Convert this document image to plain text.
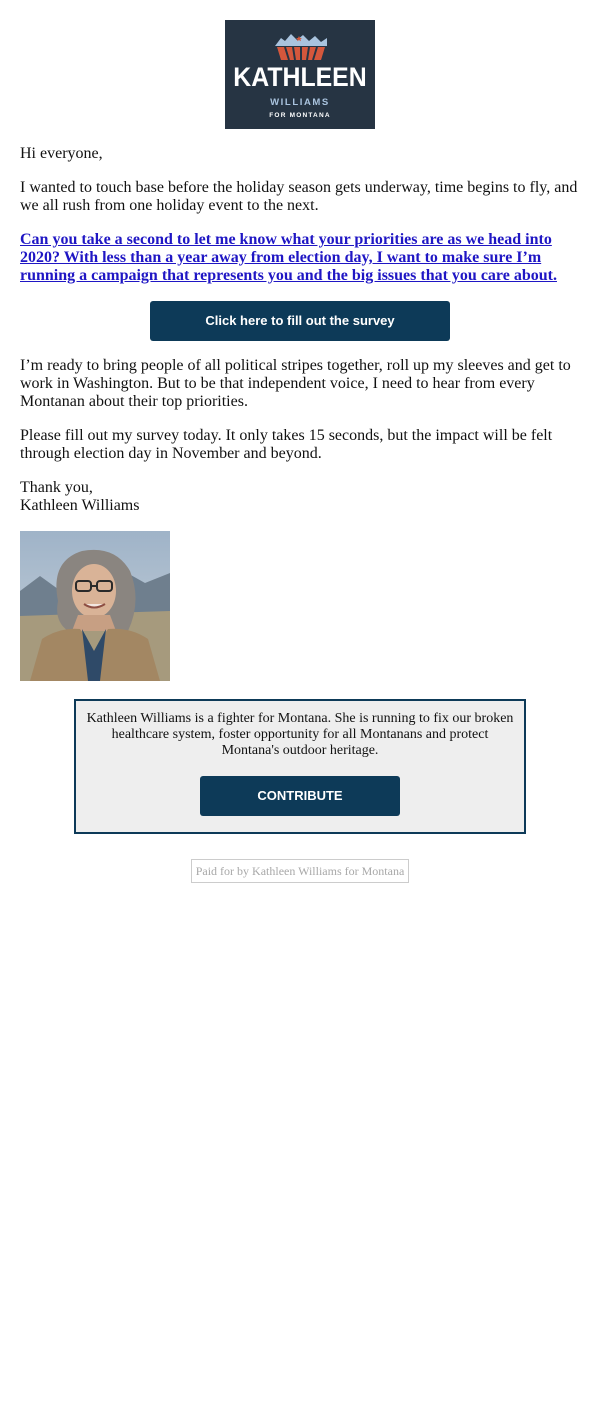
KATHLEEN
WILLIAMS
FOR MONTANA

Hi everyone,

I wanted to touch base before the holiday season gets underway, time begins to fly, and we all rush from one holiday event to the next.

Can you take a second to let me know what your priorities are as we head into 2020? With less than a year away from election day, I want to make sure I’m running a campaign that represents you and the big issues that you care about.

Click here to fill out the survey

I’m ready to bring people of all political stripes together, roll up my sleeves and get to work in Washington. But to be that independent voice, I need to hear from every Montanan about their top priorities.

Please fill out my survey today. It only takes 15 seconds, but the impact will be felt through election day in November and beyond.

Thank you,
Kathleen Williams

Kathleen Williams is a fighter for Montana. She is running to fix our broken healthcare system, foster opportunity for all Montanans and protect Montana's outdoor heritage.

CONTRIBUTE
Paid for by Kathleen Williams for Montana
